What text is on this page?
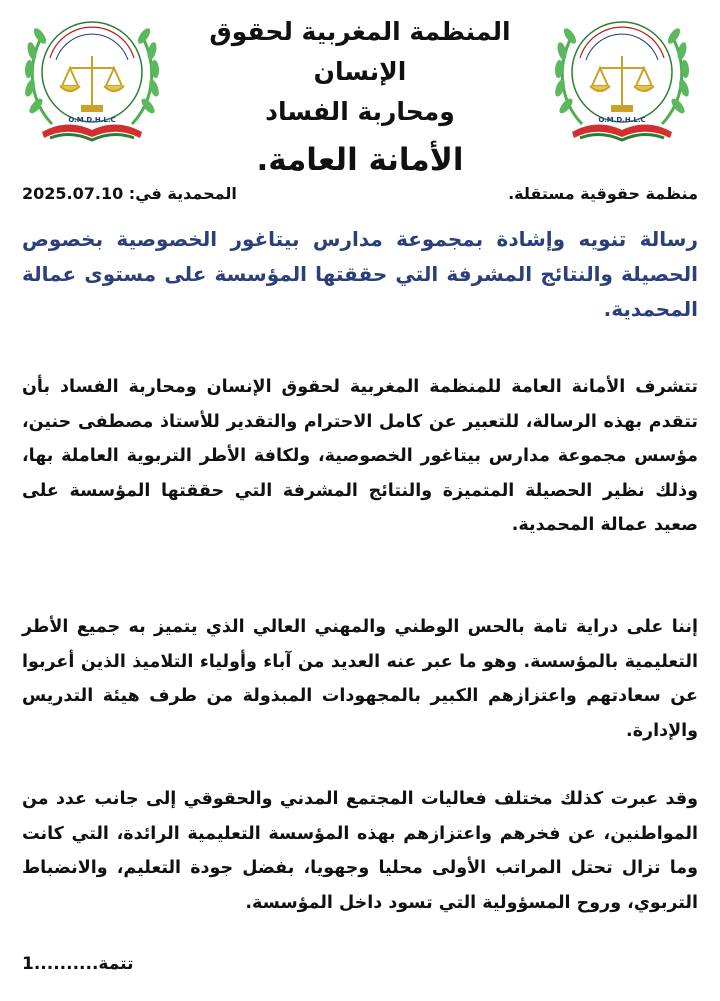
O.M.D.H.L.C	O.M.D.H.L.C
المنظمة المغربية لحقوق الإنسان
ومحاربة الفساد
الأمانة العامة.
منظمة حقوقية مستقلة.
المحمدية في: 2025.07.10
رسالة تنويه وإشادة بمجموعة مدارس بيتاغور الخصوصية بخصوص الحصيلة والنتائج المشرفة التي حققتها المؤسسة على مستوى عمالة المحمدية.
تتشرف الأمانة العامة للمنظمة المغربية لحقوق الإنسان ومحاربة الفساد بأن تتقدم بهذه الرسالة، للتعبير عن كامل الاحترام والتقدير للأستاذ مصطفى حنين، مؤسس مجموعة مدارس بيتاغور الخصوصية، ولكافة الأطر التربوية العاملة بها، وذلك نظير الحصيلة المتميزة والنتائج المشرفة التي حققتها المؤسسة على صعيد عمالة المحمدية.
إننا على دراية تامة بالحس الوطني والمهني العالي الذي يتميز به جميع الأطر التعليمية بالمؤسسة. وهو ما عبر عنه العديد من آباء وأولياء التلاميذ الذين أعربوا عن سعادتهم واعتزازهم الكبير بالمجهودات المبذولة من طرف هيئة التدريس والإدارة.
وقد عبرت كذلك مختلف فعاليات المجتمع المدني والحقوقي إلى جانب عدد من المواطنين، عن فخرهم واعتزازهم بهذه المؤسسة التعليمية الرائدة، التي كانت وما تزال تحتل المراتب الأولى محليا وجهويا، بفضل جودة التعليم، والانضباط التربوي، وروح المسؤولية التي تسود داخل المؤسسة.
تتمة..........1
